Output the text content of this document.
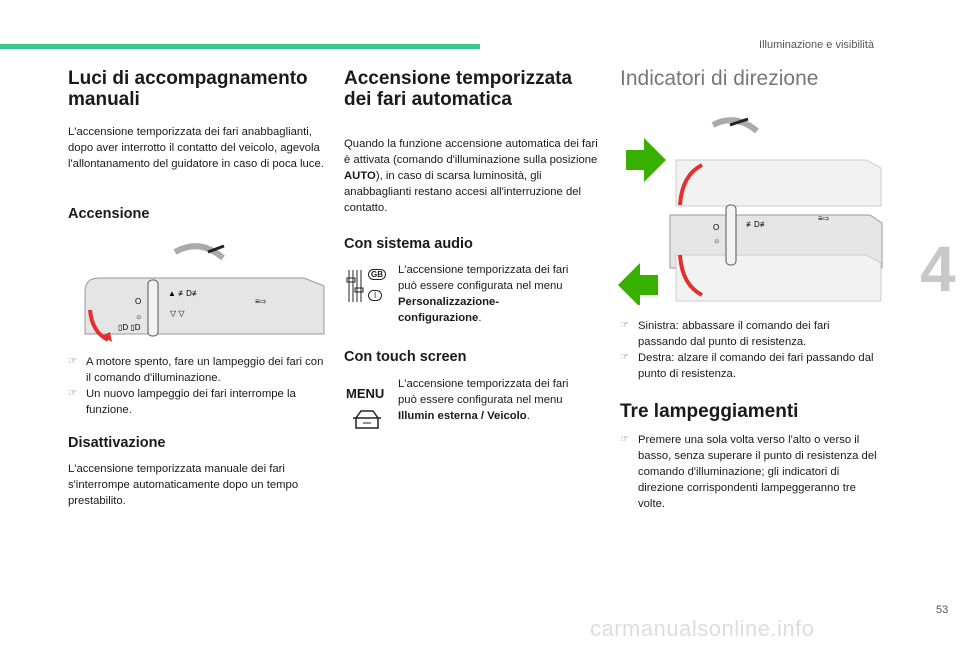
Illuminazione e visibilità
4
53
carmanualsonline.info
Luci di accompagnamento manuali

L'accensione temporizzata dei fari anabbaglianti, dopo aver interrotto il contatto del veicolo, agevola l'allontanamento del guidatore in caso di poca luce.

Accensione
O
☼
▯D ▯D
▲ ≢D≢
▽ ▽
≡⇨
☞ A motore spento, fare un lampeggio dei fari con il comando d'illuminazione.
☞ Un nuovo lampeggio dei fari interrompe la funzione.
Disattivazione

L'accensione temporizzata manuale dei fari s'interrompe automaticamente dopo un tempo prestabilito.

Accensione temporizzata dei fari automatica

Quando la funzione accensione automatica dei fari è attivata (comando d'illuminazione sulla posizione AUTO), in caso di scarsa luminosità, gli anabbaglianti restano accesi all'interruzione del contatto.

Con sistema audio
GB
I

L'accensione temporizzata dei fari può essere configurata nel menu Personalizzazione-configurazione.

Con touch screen
MENU

L'accensione temporizzata dei fari può essere configurata nel menu Illumin esterna / Veicolo.

Indicatori di direzione
O
☼
≢D≢
≡⇨
☞ Sinistra: abbassare il comando dei fari passando dal punto di resistenza.
☞ Destra: alzare il comando dei fari passando dal punto di resistenza.
Tre lampeggiamenti
☞ Premere una sola volta verso l'alto o verso il basso, senza superare il punto di resistenza del comando d'illuminazione; gli indicatori di direzione corrispondenti lampeggeranno tre volte.
